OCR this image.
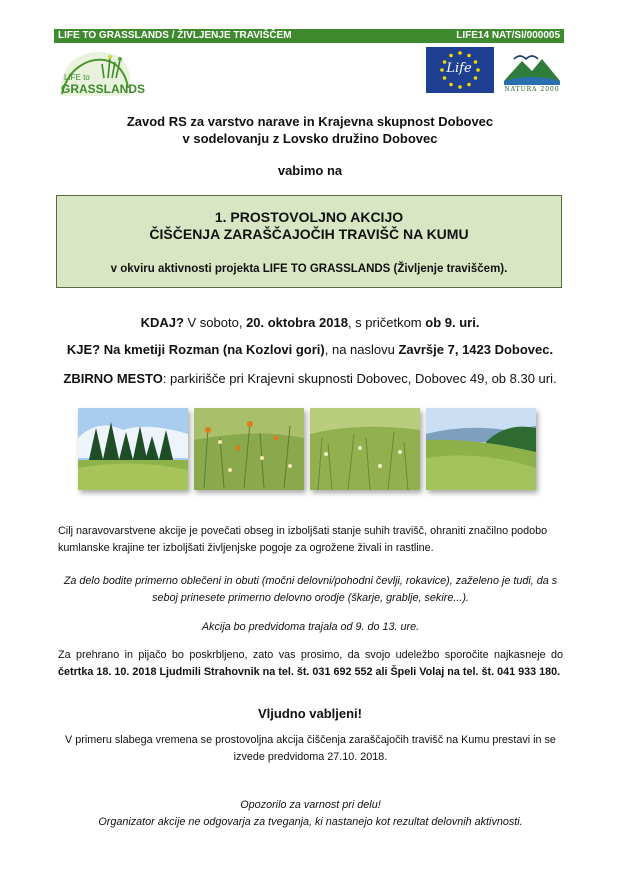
LIFE TO GRASSLANDS / ŽIVLJENJE TRAVIŠČEM	LIFE14 NAT/SI/000005
LIFE to
GRASSLANDS
Life
NATURA 2000
Zavod RS za varstvo narave in Krajevna skupnost Dobovec
v sodelovanju z Lovsko družino Dobovec
vabimo na
1. PROSTOVOLJNO AKCIJO
ČIŠČENJA ZARAŠČAJOČIH TRAVIŠČ NA KUMU
v okviru aktivnosti projekta LIFE TO GRASSLANDS (Življenje traviščem).
KDAJ? V soboto, 20. oktobra 2018, s pričetkom ob 9. uri.
KJE? Na kmetiji Rozman (na Kozlovi gori), na naslovu Završje 7, 1423 Dobovec.
ZBIRNO MESTO: parkirišče pri Krajevni skupnosti Dobovec, Dobovec 49, ob 8.30 uri.
Cilj naravovarstvene akcije je povečati obseg in izboljšati stanje suhih travišč, ohraniti značilno podobo kumlanske krajine ter izboljšati življenjske pogoje za ogrožene živali in rastline.
Za delo bodite primerno oblečeni in obuti (močni delovni/pohodni čevlji, rokavice), zaželeno je tudi, da s seboj prinesete primerno delovno orodje (škarje, grablje, sekire...).
Akcija bo predvidoma trajala od 9. do 13. ure.
Za prehrano in pijačo bo poskrbljeno, zato vas prosimo, da svojo udeležbo sporočite najkasneje do četrtka 18. 10. 2018 Ljudmili Strahovnik na tel. št. 031 692 552 ali Špeli Volaj na tel. št. 041 933 180.
Vljudno vabljeni!
V primeru slabega vremena se prostovoljna akcija čiščenja zaraščajočih travišč na Kumu prestavi in se izvede predvidoma 27.10. 2018.
Opozorilo za varnost pri delu!
Organizator akcije ne odgovarja za tveganja, ki nastanejo kot rezultat delovnih aktivnosti.
